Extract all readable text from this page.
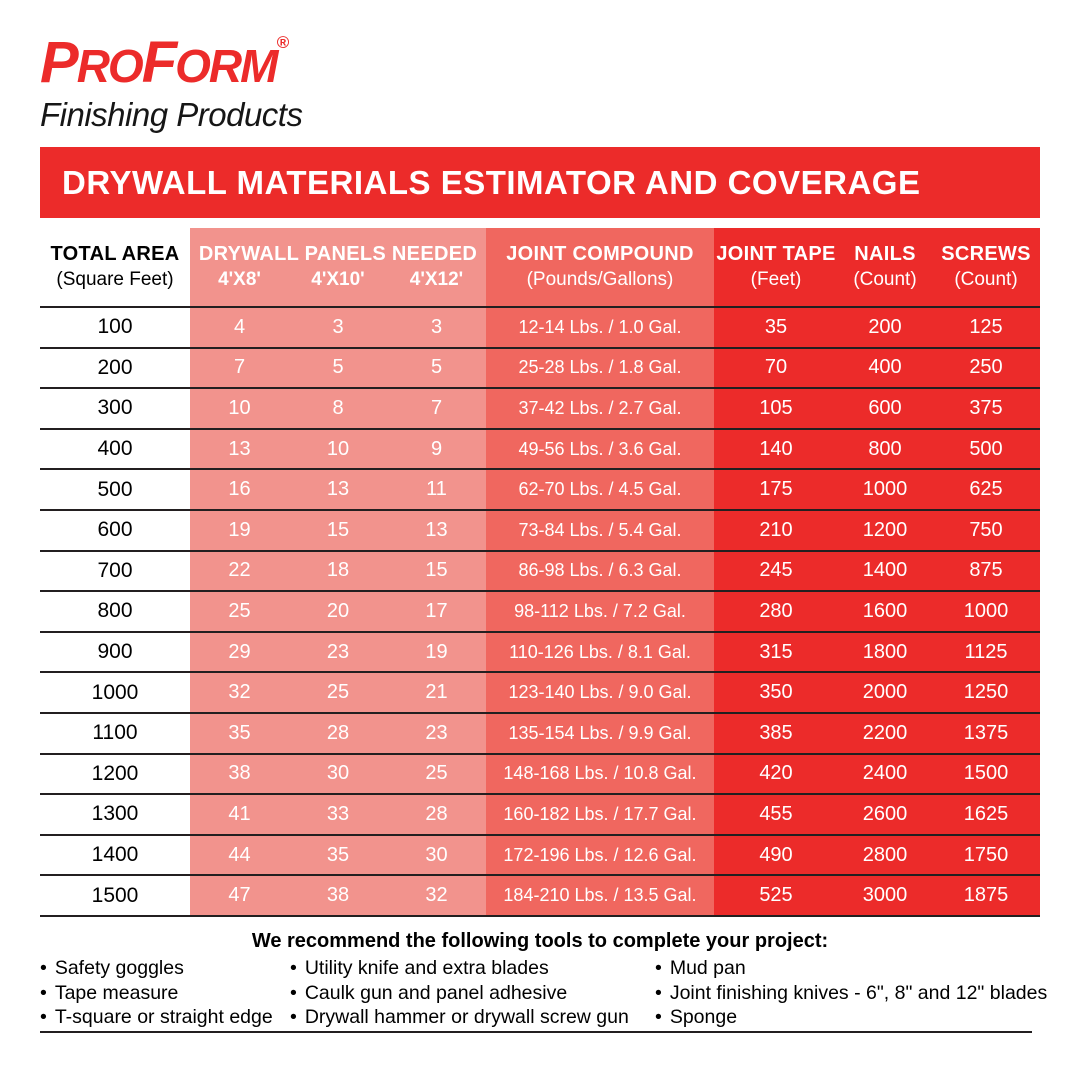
PROFORM®
Finishing Products
DRYWALL MATERIALS ESTIMATOR AND COVERAGE
TOTAL AREA
(Square Feet)
DRYWALL PANELS NEEDED
4'X8'	4'X10'	4'X12'
JOINT COMPOUND
(Pounds/Gallons)
JOINT TAPE
(Feet)
NAILS
(Count)
SCREWS
(Count)
100	4	3	3	12-14 Lbs. / 1.0 Gal.	35	200	125
200	7	5	5	25-28 Lbs. / 1.8 Gal.	70	400	250
300	10	8	7	37-42 Lbs. / 2.7 Gal.	105	600	375
400	13	10	9	49-56 Lbs. / 3.6 Gal.	140	800	500
500	16	13	11	62-70 Lbs. / 4.5 Gal.	175	1000	625
600	19	15	13	73-84 Lbs. / 5.4 Gal.	210	1200	750
700	22	18	15	86-98 Lbs. / 6.3 Gal.	245	1400	875
800	25	20	17	98-112 Lbs. / 7.2 Gal.	280	1600	1000
900	29	23	19	110-126 Lbs. / 8.1 Gal.	315	1800	1125
1000	32	25	21	123-140 Lbs. / 9.0 Gal.	350	2000	1250
1100	35	28	23	135-154 Lbs. / 9.9 Gal.	385	2200	1375
1200	38	30	25	148-168 Lbs. / 10.8 Gal.	420	2400	1500
1300	41	33	28	160-182 Lbs. / 17.7 Gal.	455	2600	1625
1400	44	35	30	172-196 Lbs. / 12.6 Gal.	490	2800	1750
1500	47	38	32	184-210 Lbs. / 13.5 Gal.	525	3000	1875
We recommend the following tools to complete your project:
• Safety goggles
• Tape measure
• T-square or straight edge
• Utility knife and extra blades
• Caulk gun and panel adhesive
• Drywall hammer or drywall screw gun
• Mud pan
• Joint finishing knives - 6", 8" and 12" blades
• Sponge
